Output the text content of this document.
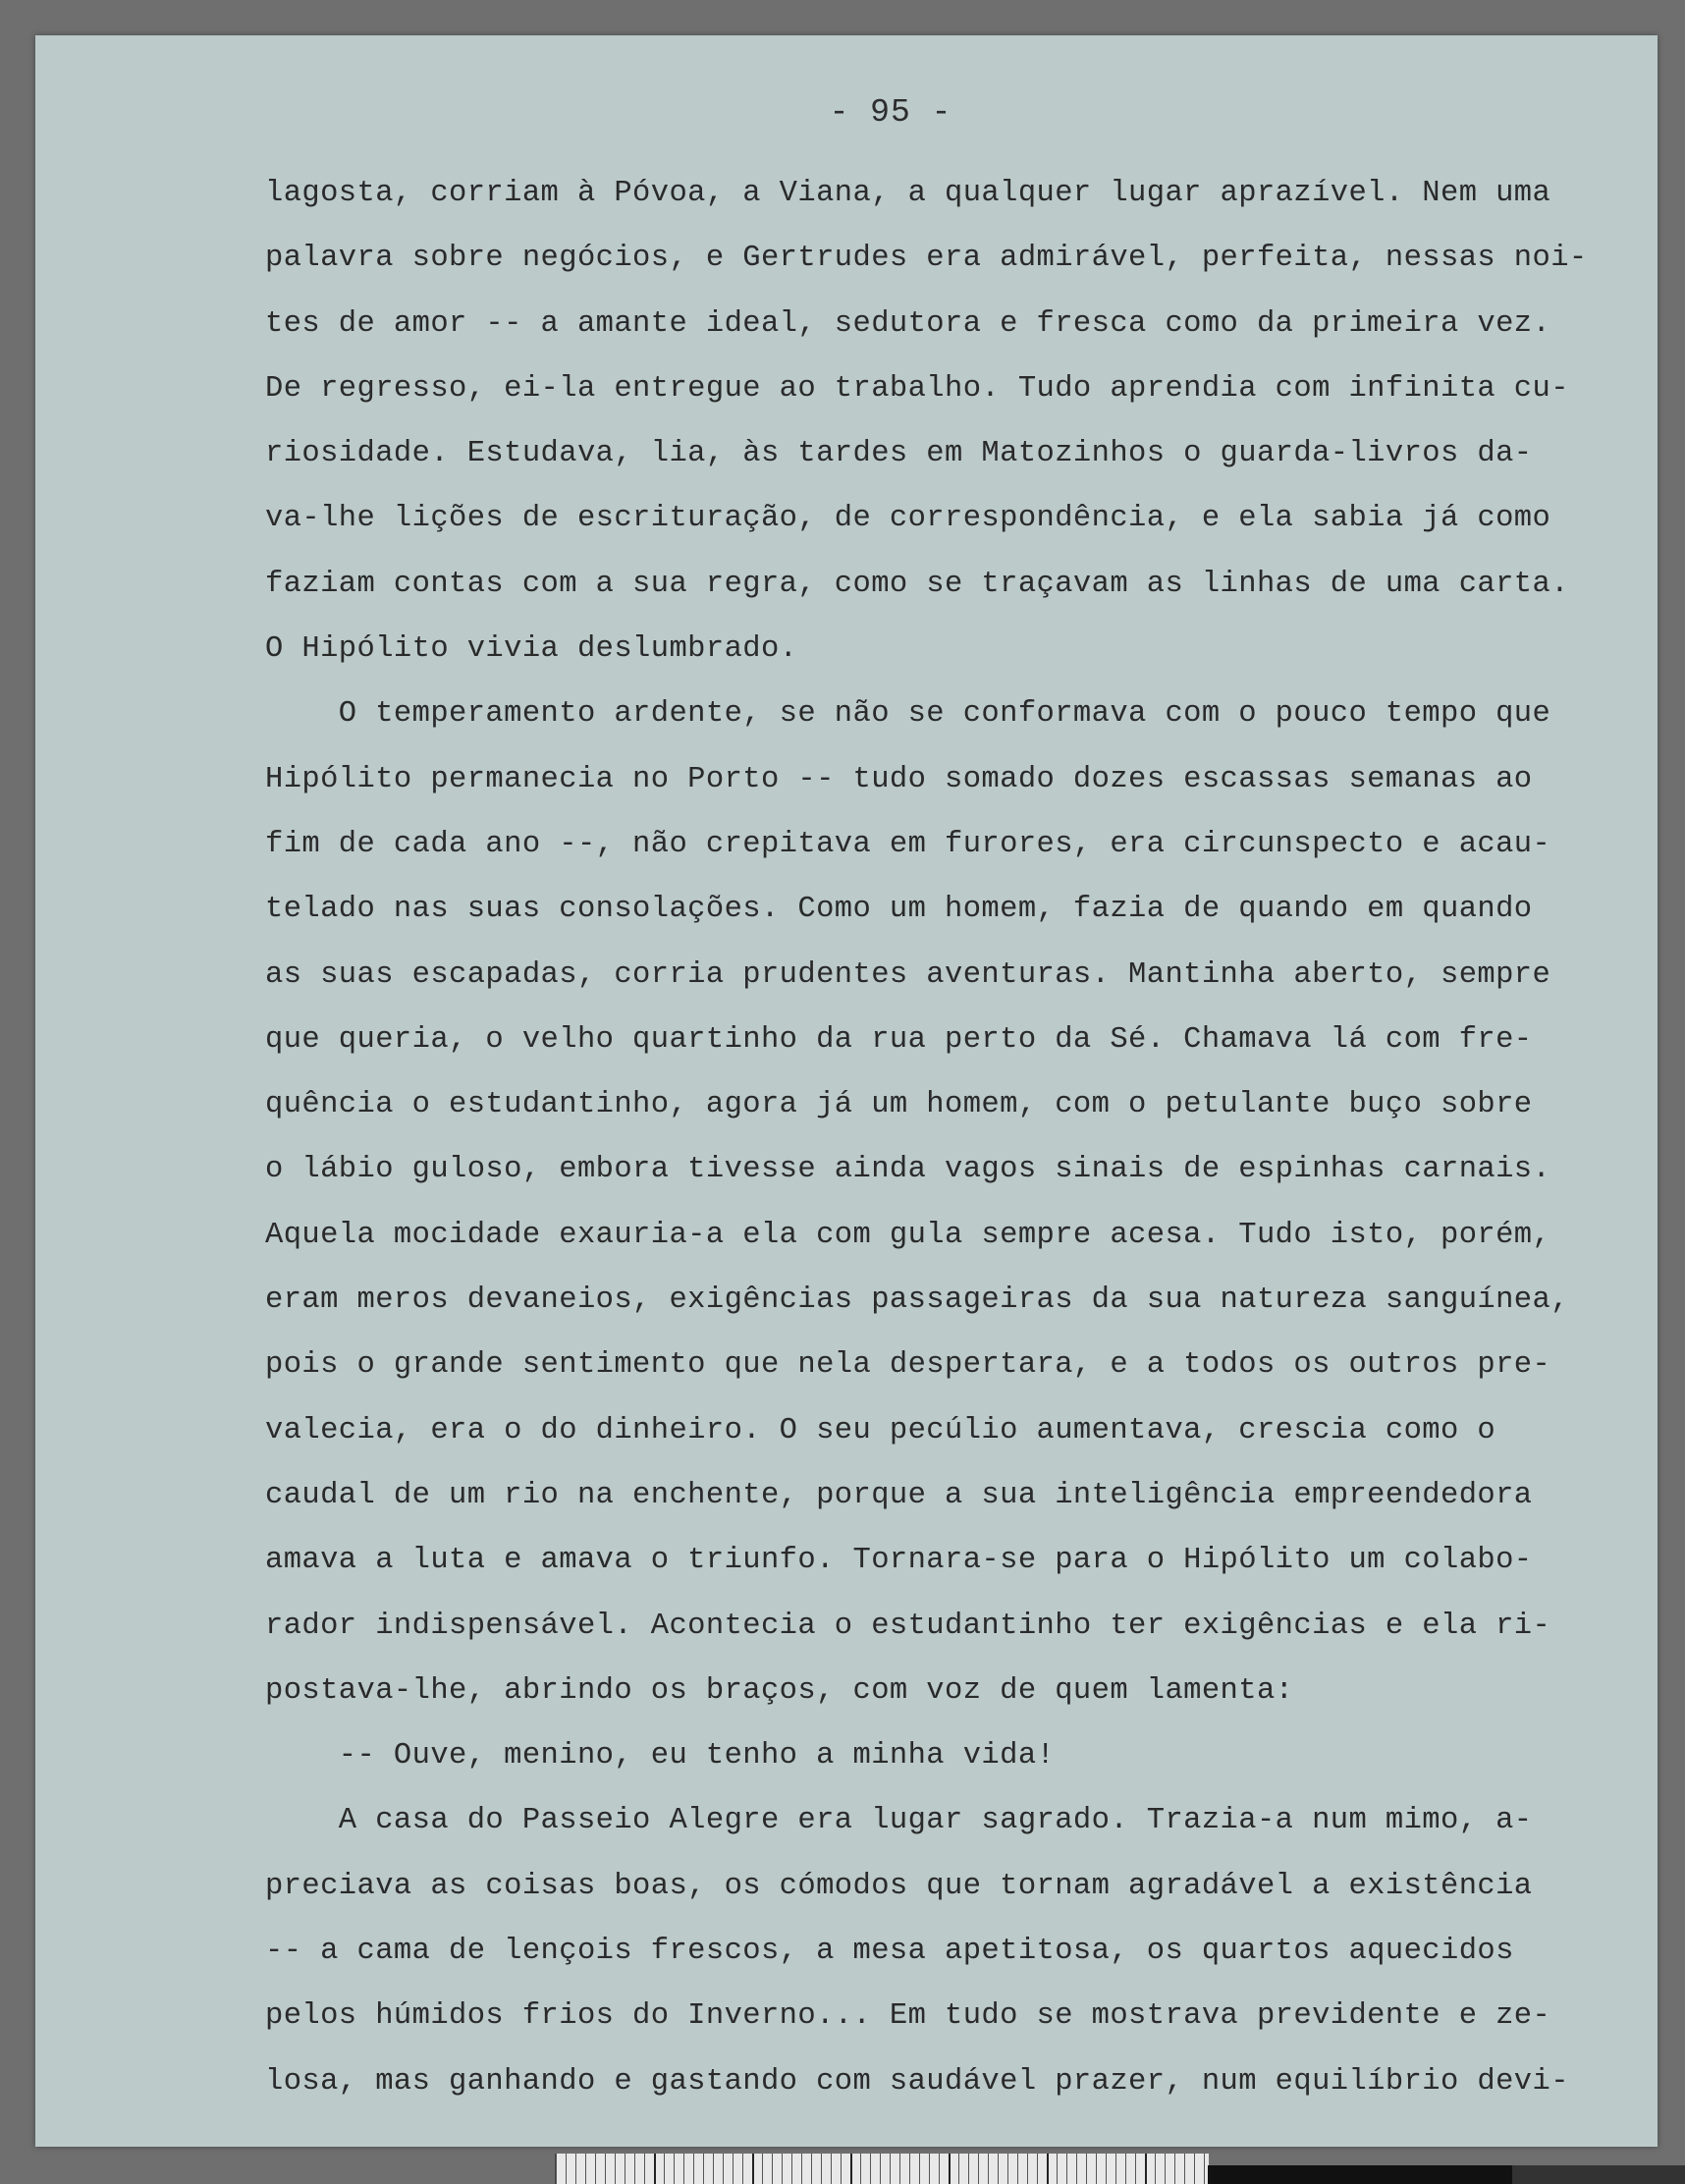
- 95 -
lagosta, corriam à Póvoa, a Viana, a qualquer lugar aprazível. Nem uma
palavra sobre negócios, e Gertrudes era admirável, perfeita, nessas noi-
tes de amor -- a amante ideal, sedutora e fresca como da primeira vez.
De regresso, ei-la entregue ao trabalho. Tudo aprendia com infinita cu-
riosidade. Estudava, lia, às tardes em Matozinhos o guarda-livros da-
va-lhe lições de escrituração, de correspondência, e ela sabia já como
faziam contas com a sua regra, como se traçavam as linhas de uma carta.
O Hipólito vivia deslumbrado.
O temperamento ardente, se não se conformava com o pouco tempo que
Hipólito permanecia no Porto -- tudo somado dozes escassas semanas ao
fim de cada ano --, não crepitava em furores, era circunspecto e acau-
telado nas suas consolações. Como um homem, fazia de quando em quando
as suas escapadas, corria prudentes aventuras. Mantinha aberto, sempre
que queria, o velho quartinho da rua perto da Sé. Chamava lá com fre-
quência o estudantinho, agora já um homem, com o petulante buço sobre
o lábio guloso, embora tivesse ainda vagos sinais de espinhas carnais.
Aquela mocidade exauria-a ela com gula sempre acesa. Tudo isto, porém,
eram meros devaneios, exigências passageiras da sua natureza sanguínea,
pois o grande sentimento que nela despertara, e a todos os outros pre-
valecia, era o do dinheiro. O seu pecúlio aumentava, crescia como o
caudal de um rio na enchente, porque a sua inteligência empreendedora
amava a luta e amava o triunfo. Tornara-se para o Hipólito um colabo-
rador indispensável. Acontecia o estudantinho ter exigências e ela ri-
postava-lhe, abrindo os braços, com voz de quem lamenta:
-- Ouve, menino, eu tenho a minha vida!
A casa do Passeio Alegre era lugar sagrado. Trazia-a num mimo, a-
preciava as coisas boas, os cómodos que tornam agradável a existência
-- a cama de lençois frescos, a mesa apetitosa, os quartos aquecidos
pelos húmidos frios do Inverno... Em tudo se mostrava previdente e ze-
losa, mas ganhando e gastando com saudável prazer, num equilíbrio devi-
